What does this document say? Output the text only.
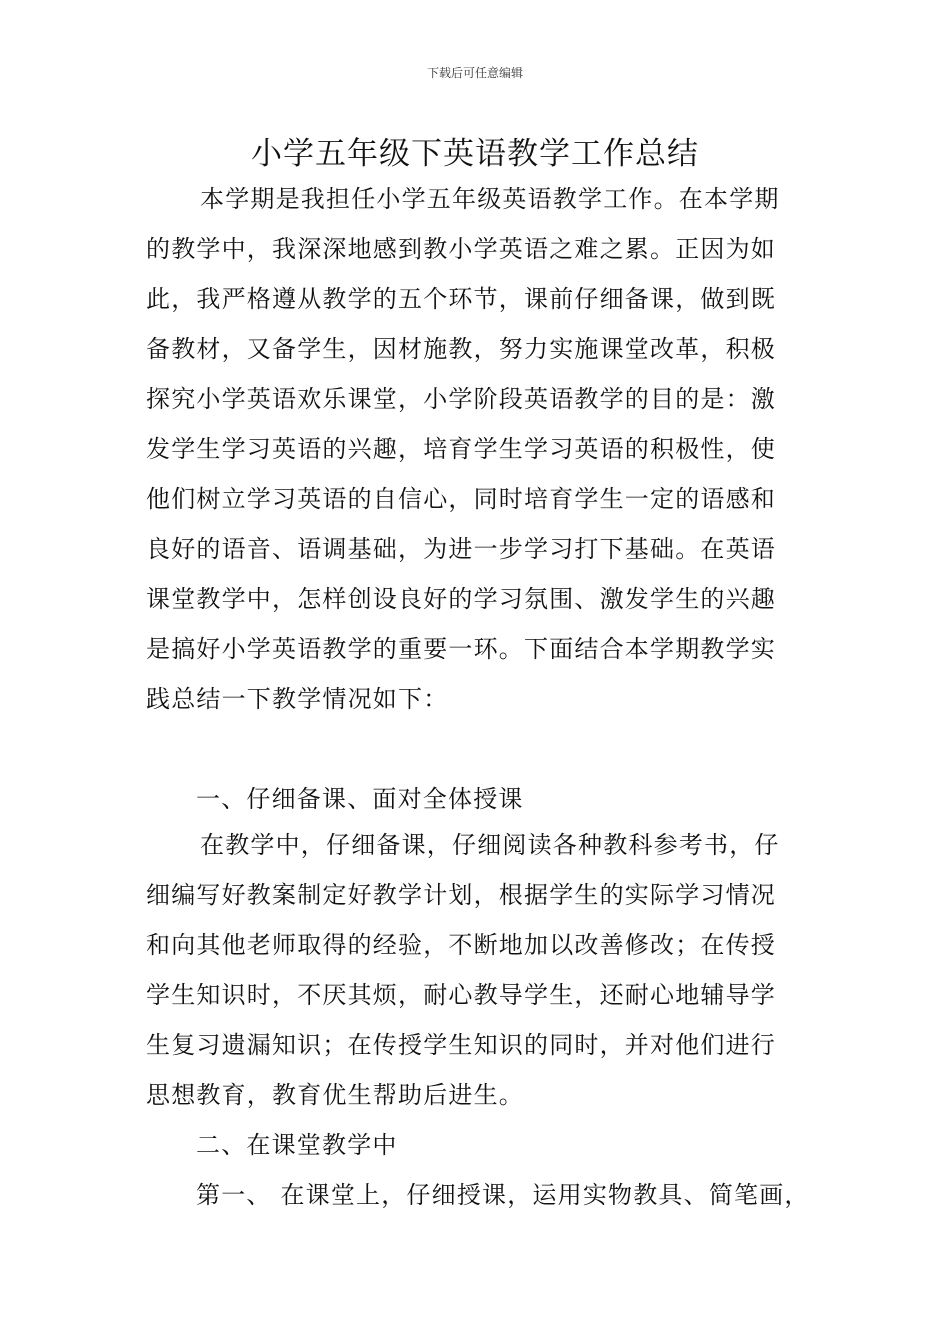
下载后可任意编辑
小学五年级下英语教学工作总结
本学期是我担任小学五年级英语教学工作。在本学期
的教学中，我深深地感到教小学英语之难之累。正因为如
此，我严格遵从教学的五个环节，课前仔细备课，做到既
备教材，又备学生，因材施教，努力实施课堂改革，积极
探究小学英语欢乐课堂，小学阶段英语教学的目的是：激
发学生学习英语的兴趣，培育学生学习英语的积极性，使
他们树立学习英语的自信心，同时培育学生一定的语感和
良好的语音、语调基础，为进一步学习打下基础。在英语
课堂教学中，怎样创设良好的学习氛围、激发学生的兴趣
是搞好小学英语教学的重要一环。下面结合本学期教学实
践总结一下教学情况如下：
一、仔细备课、面对全体授课
在教学中，仔细备课，仔细阅读各种教科参考书，仔
细编写好教案制定好教学计划，根据学生的实际学习情况
和向其他老师取得的经验，不断地加以改善修改；在传授
学生知识时，不厌其烦，耐心教导学生，还耐心地辅导学
生复习遗漏知识；在传授学生知识的同时，并对他们进行
思想教育，教育优生帮助后进生。
二、在课堂教学中
第一、 在课堂上，仔细授课，运用实物教具、简笔画，
